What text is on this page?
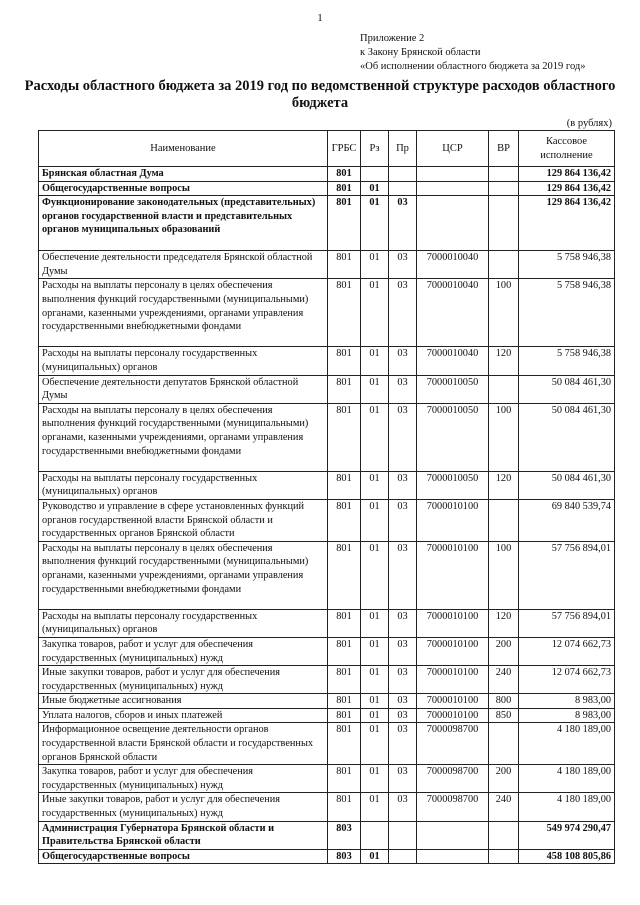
1
Приложение 2
к Закону Брянской области
«Об исполнении областного бюджета за 2019 год»
Расходы областного бюджета за 2019 год по ведомственной структуре расходов областного бюджета
(в рублях)
Наименование	ГРБС	Рз	Пр	ЦСР	ВР	Кассовое исполнение
Брянская областная Дума	801					129 864 136,42
Общегосударственные вопросы	801	01				129 864 136,42
Функционирование законодательных (представительных) органов государственной власти и представительных органов муниципальных образований	801	01	03			129 864 136,42
Обеспечение деятельности председателя Брянской областной Думы	801	01	03	7000010040		5 758 946,38
Расходы на выплаты персоналу в целях обеспечения выполнения функций государственными (муниципальными) органами, казенными учреждениями, органами управления государственными внебюджетными фондами	801	01	03	7000010040	100	5 758 946,38
Расходы на выплаты персоналу государственных (муниципальных) органов	801	01	03	7000010040	120	5 758 946,38
Обеспечение деятельности депутатов Брянской областной Думы	801	01	03	7000010050		50 084 461,30
Расходы на выплаты персоналу в целях обеспечения выполнения функций государственными (муниципальными) органами, казенными учреждениями, органами управления государственными внебюджетными фондами	801	01	03	7000010050	100	50 084 461,30
Расходы на выплаты персоналу государственных (муниципальных) органов	801	01	03	7000010050	120	50 084 461,30
Руководство и управление в сфере установленных функций органов государственной власти Брянской области и государственных органов Брянской области	801	01	03	7000010100		69 840 539,74
Расходы на выплаты персоналу в целях обеспечения выполнения функций государственными (муниципальными) органами, казенными учреждениями, органами управления государственными внебюджетными фондами	801	01	03	7000010100	100	57 756 894,01
Расходы на выплаты персоналу государственных (муниципальных) органов	801	01	03	7000010100	120	57 756 894,01
Закупка товаров, работ и услуг для обеспечения государственных (муниципальных) нужд	801	01	03	7000010100	200	12 074 662,73
Иные закупки товаров, работ и услуг для обеспечения государственных (муниципальных) нужд	801	01	03	7000010100	240	12 074 662,73
Иные бюджетные ассигнования	801	01	03	7000010100	800	8 983,00
Уплата налогов, сборов и иных платежей	801	01	03	7000010100	850	8 983,00
Информационное освещение деятельности органов государственной власти Брянской области и государственных органов Брянской области	801	01	03	7000098700		4 180 189,00
Закупка товаров, работ и услуг для обеспечения государственных (муниципальных) нужд	801	01	03	7000098700	200	4 180 189,00
Иные закупки товаров, работ и услуг для обеспечения государственных (муниципальных) нужд	801	01	03	7000098700	240	4 180 189,00
Администрация Губернатора Брянской области и Правительства Брянской области	803					549 974 290,47
Общегосударственные вопросы	803	01				458 108 805,86
